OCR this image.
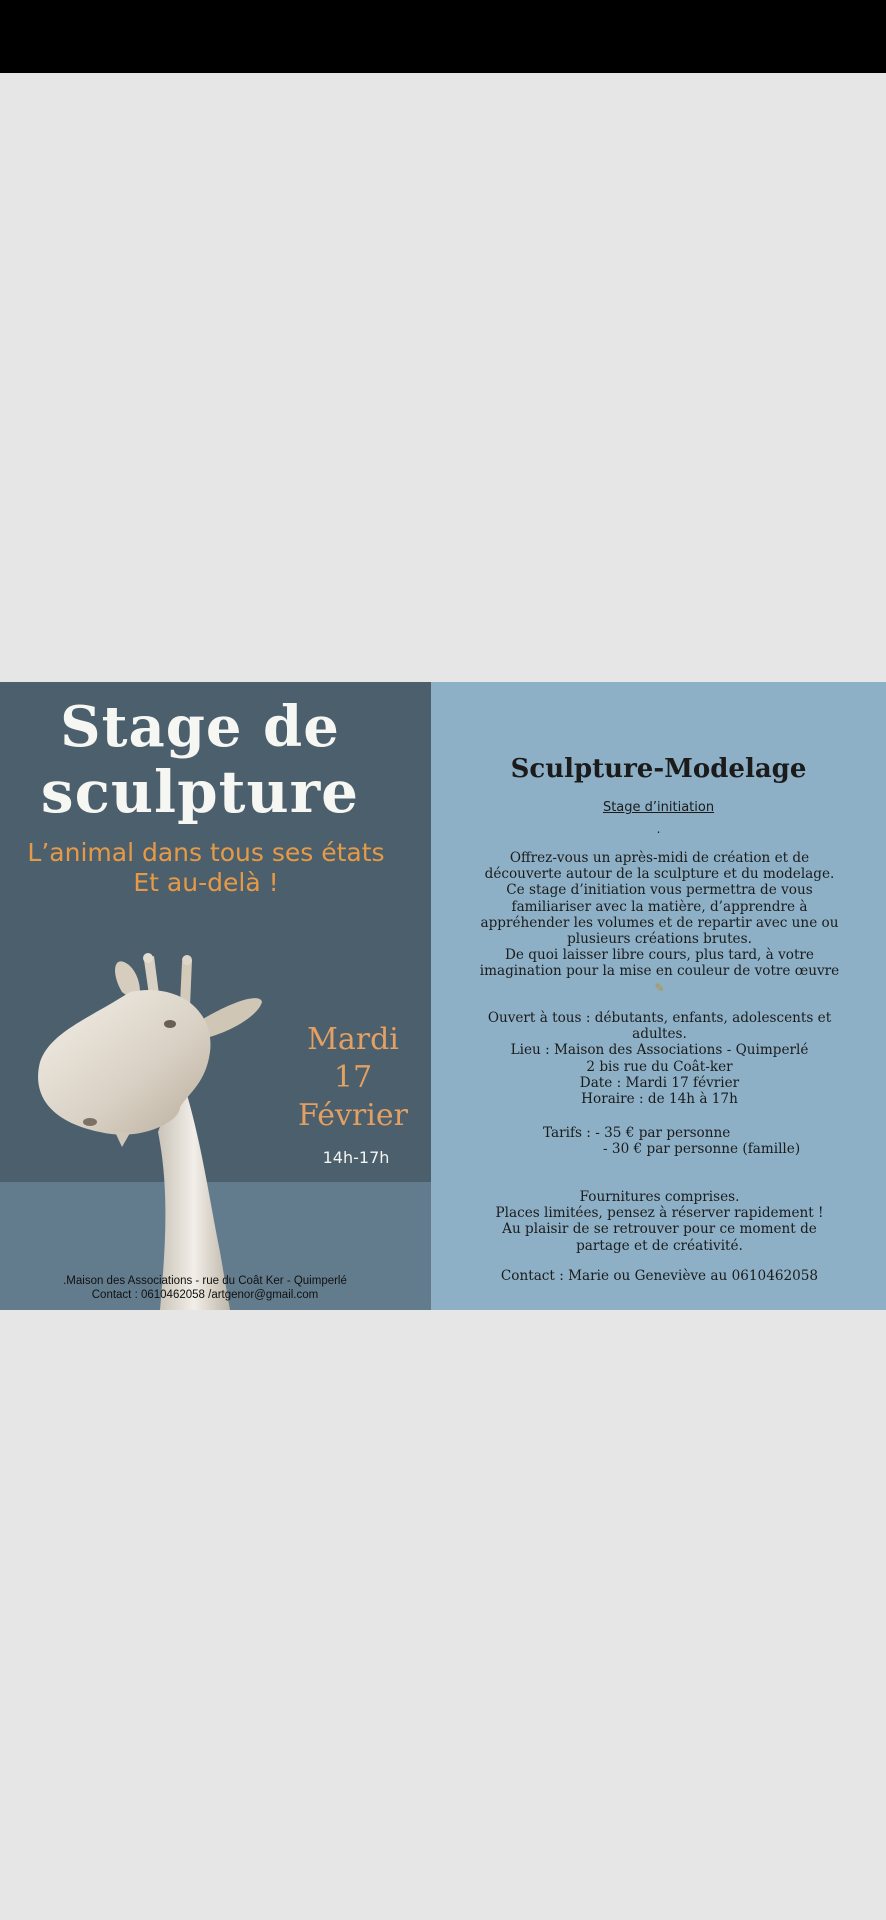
Stage de
sculpture
L’animal dans tous ses états
Et au-delà !
Mardi
17
Février
14h-17h
.Maison des Associations - rue du Coât Ker - Quimperlé
Contact : 0610462058 /artgenor@gmail.com
Sculpture-Modelage
Stage d’initiation
.
Offrez-vous un après-midi de création et de
découverte autour de la sculpture et du modelage.
Ce stage d’initiation vous permettra de vous
familiariser avec la matière, d’apprendre à
appréhender les volumes et de repartir avec une ou
plusieurs créations brutes.
De quoi laisser libre cours, plus tard, à votre
imagination pour la mise en couleur de votre œuvre
✎
Ouvert à tous : débutants, enfants, adolescents et
adultes.
Lieu : Maison des Associations - Quimperlé
2 bis rue du Coât-ker
Date : Mardi 17 février
Horaire : de 14h à 17h
Tarifs : - 35 € par personne
- 30 € par personne (famille)
Fournitures comprises.
Places limitées, pensez à réserver rapidement !
Au plaisir de se retrouver pour ce moment de
partage et de créativité.
Contact : Marie ou Geneviève au 0610462058
